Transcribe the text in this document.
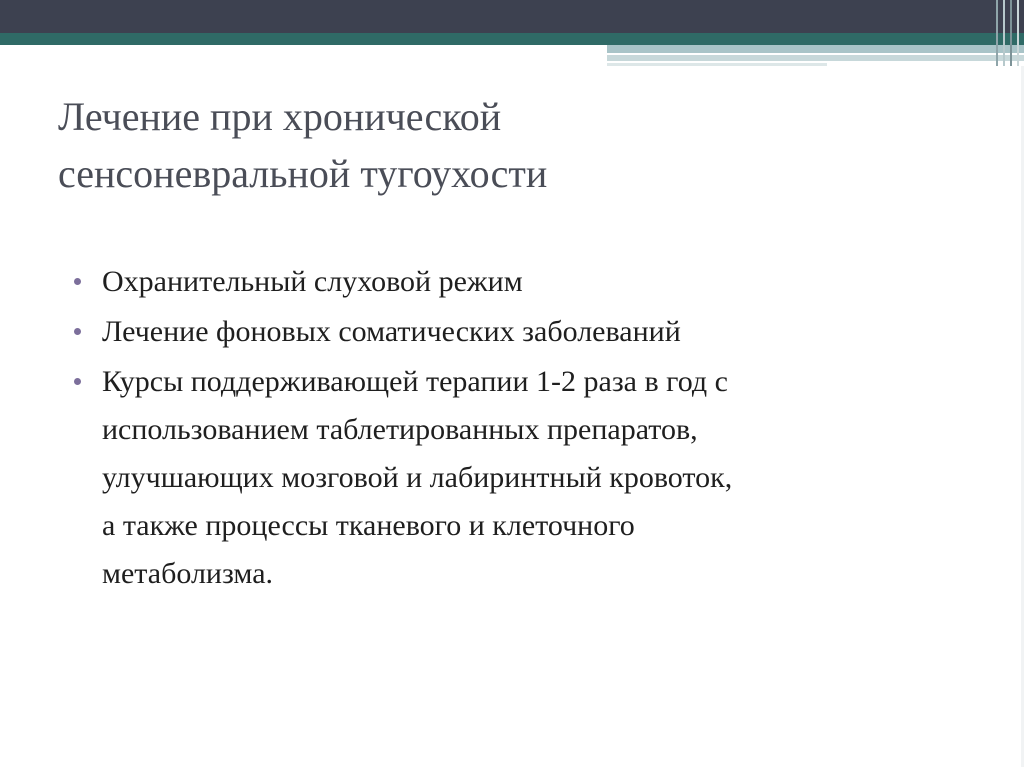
Лечение при хронической
сенсоневральной тугоухости
Охранительный слуховой режим
Лечение фоновых соматических заболеваний
Курсы поддерживающей терапии 1-2 раза в год с
использованием таблетированных препаратов,
улучшающих мозговой и лабиринтный кровоток,
а также процессы тканевого и клеточного
метаболизма.
